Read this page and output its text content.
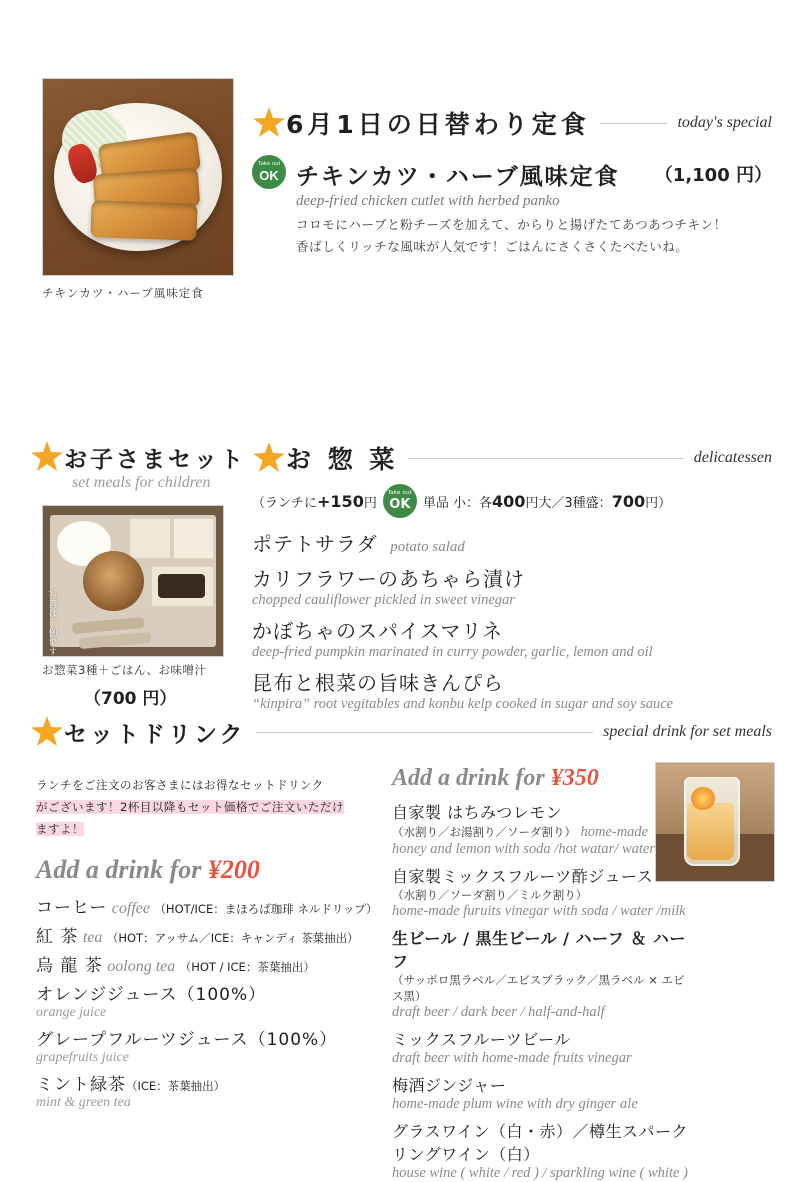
チキンカツ・ハーブ風味定食
6月1日の日替わり定食	today's special
Take out
OK チキンカツ・ハーブ風味定食	（1,100 円）
deep-fried chicken cutlet with herbed panko
コロモにハーブと粉チーズを加えて、からりと揚げたてあつあつチキン！
香ばしくリッチな風味が人気です！ごはんにさくさくたべたいね。
お子さまセット
set meals for children
写真は一例です
お惣菜3種＋ごはん、お味噌汁
（700 円）
お 惣 菜	delicatessen
（ランチに +150 円
Take out
OK 単品 小：各 400 円 大／3種盛： 700 円）
ポテトサラダ potato salad
カリフラワーのあちゃら漬け
chopped cauliflower pickled in sweet vinegar
かぼちゃのスパイスマリネ
deep-fried pumpkin marinated in curry powder, garlic, lemon and oil
昆布と根菜の旨味きんぴら
“kinpira” root vegitables and konbu kelp cooked in sugar and soy sauce
セットドリンク	special drink for set meals
ランチをご注文のお客さまにはお得なセットドリンク
がございます！2杯目以降もセット価格でご注文いただけ
ますよ！
Add a drink for ¥200
コーヒー coffee （HOT/ICE：まほろば珈琲 ネルドリップ）
紅 茶 tea （HOT：アッサム／ICE：キャンディ 茶葉抽出）
烏 龍 茶 oolong tea （HOT / ICE：茶葉抽出）
オレンジジュース（100%）
orange juice
グレープフルーツジュース（100%）
grapefruits juice
ミント緑茶（ICE：茶葉抽出）
mint & green tea
Add a drink for ¥350
自家製 はちみつレモン
（水割り／お湯割り／ソーダ割り） home-made
honey and lemon with soda /hot watar/ water
自家製ミックスフルーツ酢ジュース
（水割り／ソーダ割り／ミルク割り）
home-made furuits vinegar with soda / water /milk
生ビール / 黒生ビール / ハーフ ＆ ハーフ
（サッポロ黒ラベル／エビスブラック／黒ラベル × エビス黒）
draft beer / dark beer / half-and-half
ミックスフルーツビール
draft beer with home-made fruits vinegar
梅酒ジンジャー
home-made plum wine with dry ginger ale
グラスワイン（白・赤）／樽生スパークリングワイン（白）
house wine ( white / red ) / sparkling wine ( white )
